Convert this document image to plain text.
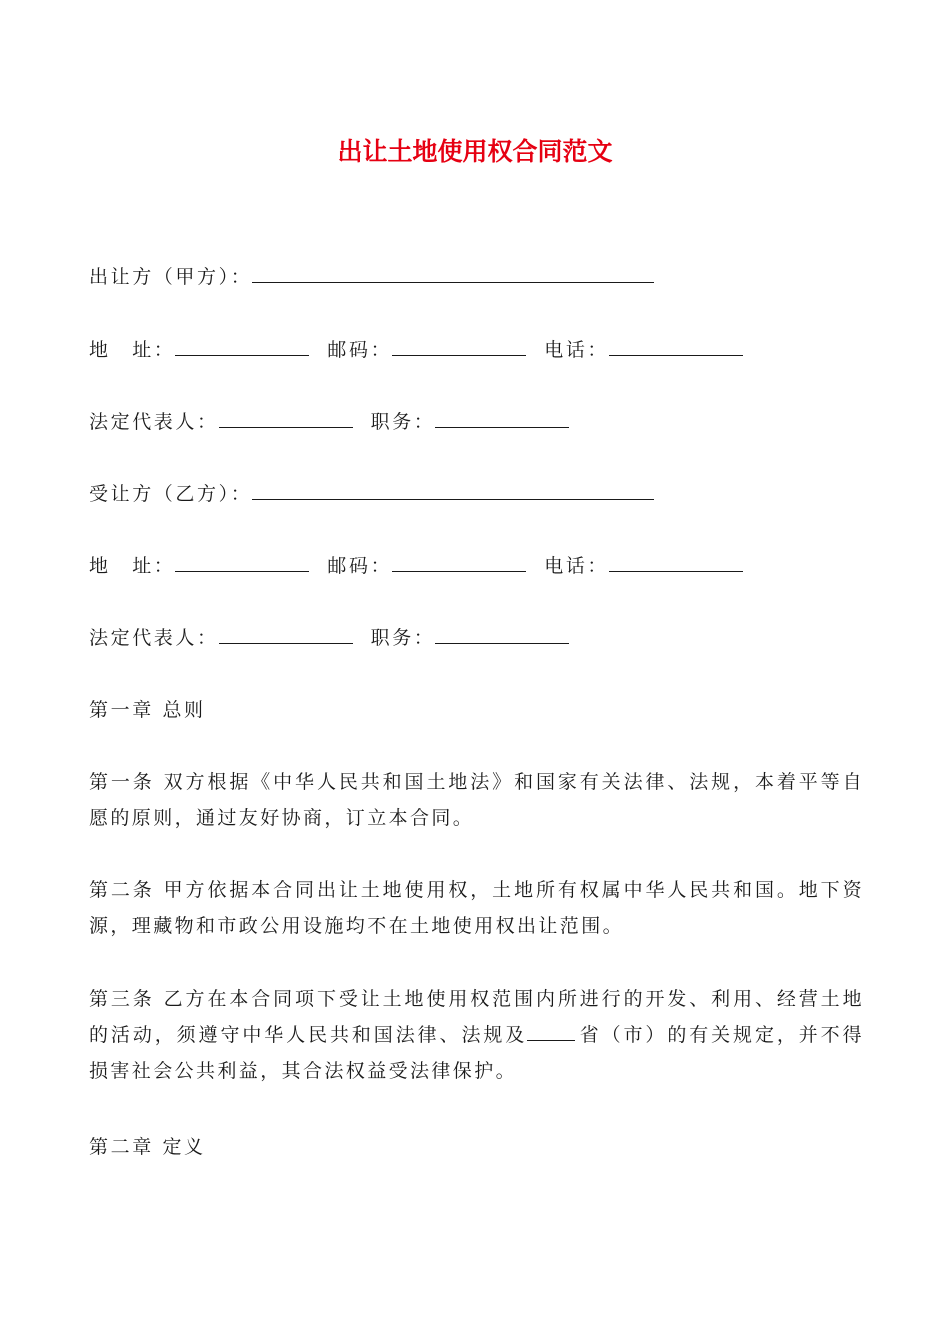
出让土地使用权合同范文
出让方（甲方）：
地　址：	邮码：	电话：
法定代表人：	职务：
受让方（乙方）：
地　址：	邮码：	电话：
法定代表人：	职务：
第一章 总则

第一条 双方根据《中华人民共和国土地法》和国家有关法律、法规，本着平等自愿的原则，通过友好协商，订立本合同。

第二条 甲方依据本合同出让土地使用权，土地所有权属中华人民共和国。地下资源，理藏物和市政公用设施均不在土地使用权出让范围。

第三条 乙方在本合同项下受让土地使用权范围内所进行的开发、利用、经营土地的活动，须遵守中华人民共和国法律、法规及	省（市）的有关规定，并不得损害社会公共利益，其合法权益受法律保护。

第二章 定义
